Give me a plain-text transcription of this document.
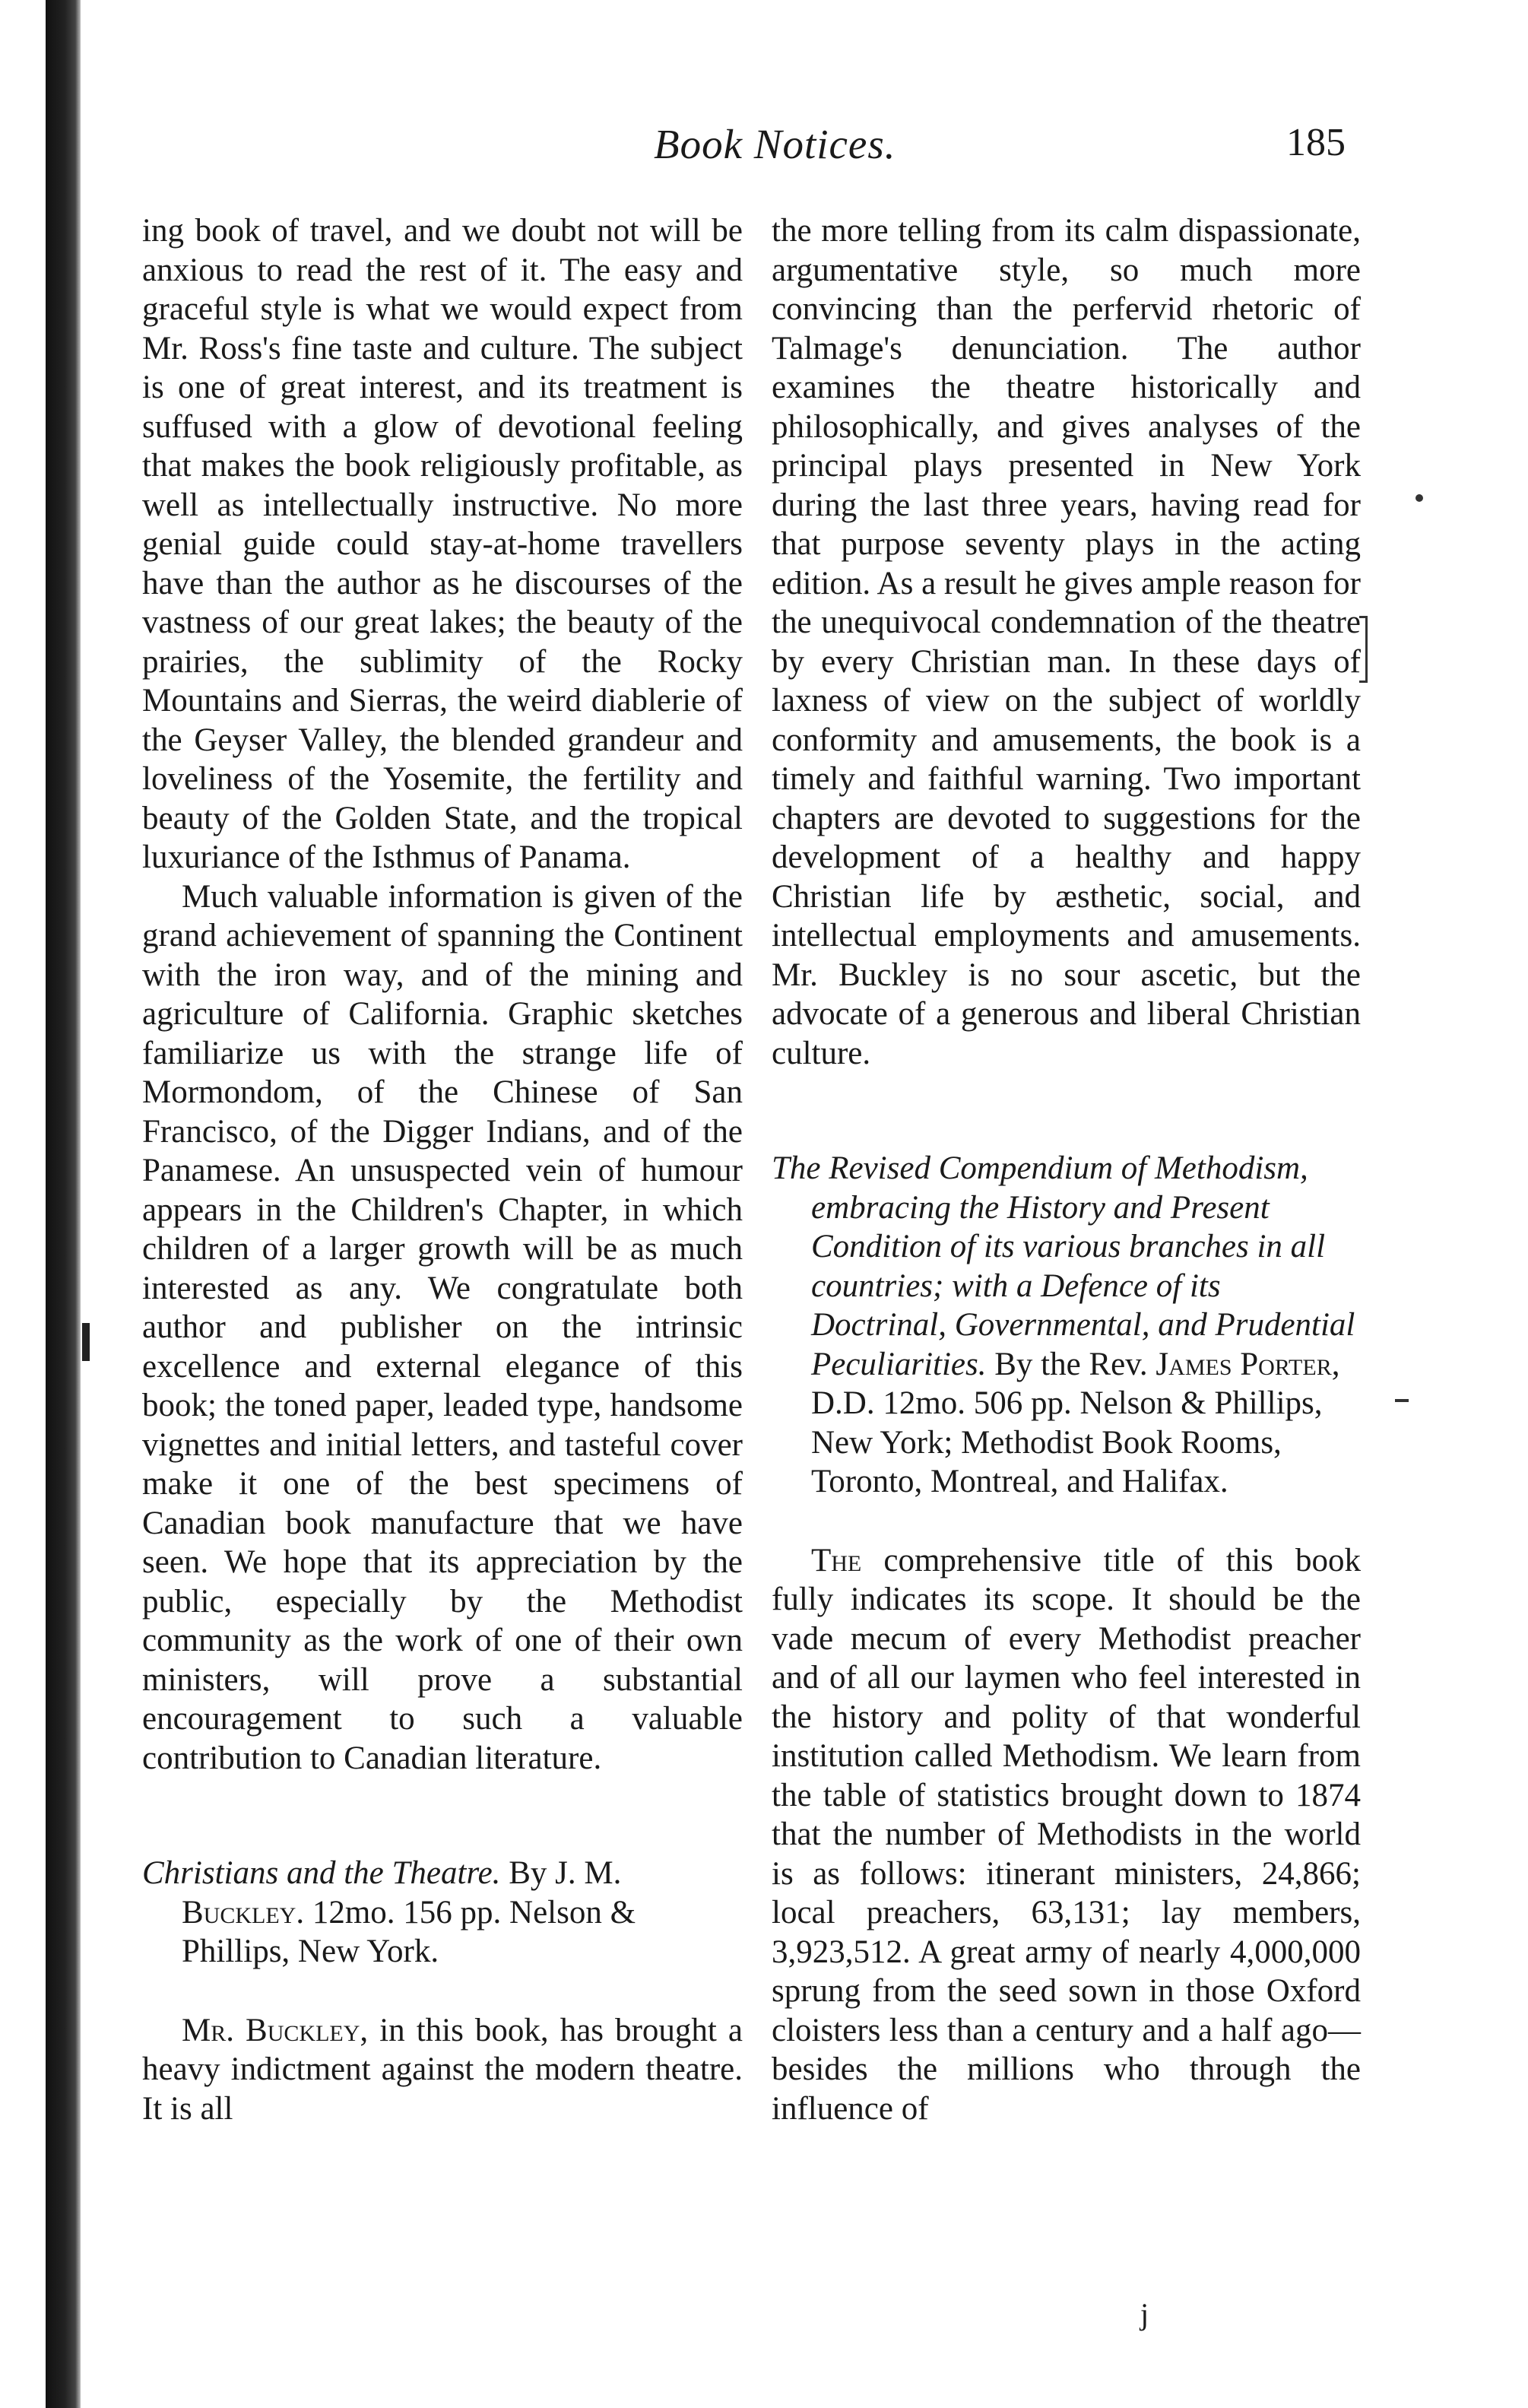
Book Notices.	185

ing book of travel, and we doubt not will be anxious to read the rest of it. The easy and graceful style is what we would expect from Mr. Ross's fine taste and culture. The subject is one of great interest, and its treatment is suffused with a glow of devotional feeling that makes the book religiously profitable, as well as intellectually instructive. No more genial guide could stay-at-home travellers have than the author as he discourses of the vastness of our great lakes; the beauty of the prairies, the sublimity of the Rocky Mountains and Sierras, the weird diablerie of the Geyser Valley, the blended grandeur and loveliness of the Yosemite, the fertility and beauty of the Golden State, and the tropical luxuriance of the Isthmus of Panama.

Much valuable information is given of the grand achievement of spanning the Continent with the iron way, and of the mining and agriculture of California. Graphic sketches familiarize us with the strange life of Mormondom, of the Chinese of San Francisco, of the Digger Indians, and of the Panamese. An unsuspected vein of humour appears in the Children's Chapter, in which children of a larger growth will be as much interested as any. We congratulate both author and publisher on the intrinsic excellence and external elegance of this book; the toned paper, leaded type, handsome vignettes and initial letters, and tasteful cover make it one of the best specimens of Canadian book manufacture that we have seen. We hope that its appreciation by the public, especially by the Methodist community as the work of one of their own ministers, will prove a substantial encouragement to such a valuable contribution to Canadian literature.

Christians and the Theatre. By J. M. Buckley. 12mo. 156 pp. Nelson & Phillips, New York.

Mr. Buckley, in this book, has brought a heavy indictment against the modern theatre. It is all

the more telling from its calm dispassionate, argumentative style, so much more convincing than the perfervid rhetoric of Talmage's denunciation. The author examines the theatre historically and philosophically, and gives analyses of the principal plays presented in New York during the last three years, having read for that purpose seventy plays in the acting edition. As a result he gives ample reason for the unequivocal condemnation of the theatre by every Christian man. In these days of laxness of view on the subject of worldly conformity and amusements, the book is a timely and faithful warning. Two important chapters are devoted to suggestions for the development of a healthy and happy Christian life by æsthetic, social, and intellectual employments and amusements. Mr. Buckley is no sour ascetic, but the advocate of a generous and liberal Christian culture.

The Revised Compendium of Methodism, embracing the History and Present Condition of its various branches in all countries; with a Defence of its Doctrinal, Governmental, and Prudential Peculiarities. By the Rev. James Porter, D.D. 12mo. 506 pp. Nelson & Phillips, New York; Methodist Book Rooms, Toronto, Montreal, and Halifax.

The comprehensive title of this book fully indicates its scope. It should be the vade mecum of every Methodist preacher and of all our laymen who feel interested in the history and polity of that wonderful institution called Methodism. We learn from the table of statistics brought down to 1874 that the number of Methodists in the world is as follows: itinerant ministers, 24,866; local preachers, 63,131; lay members, 3,923,512. A great army of nearly 4,000,000 sprung from the seed sown in those Oxford cloisters less than a century and a half ago—besides the millions who through the influence of

j
